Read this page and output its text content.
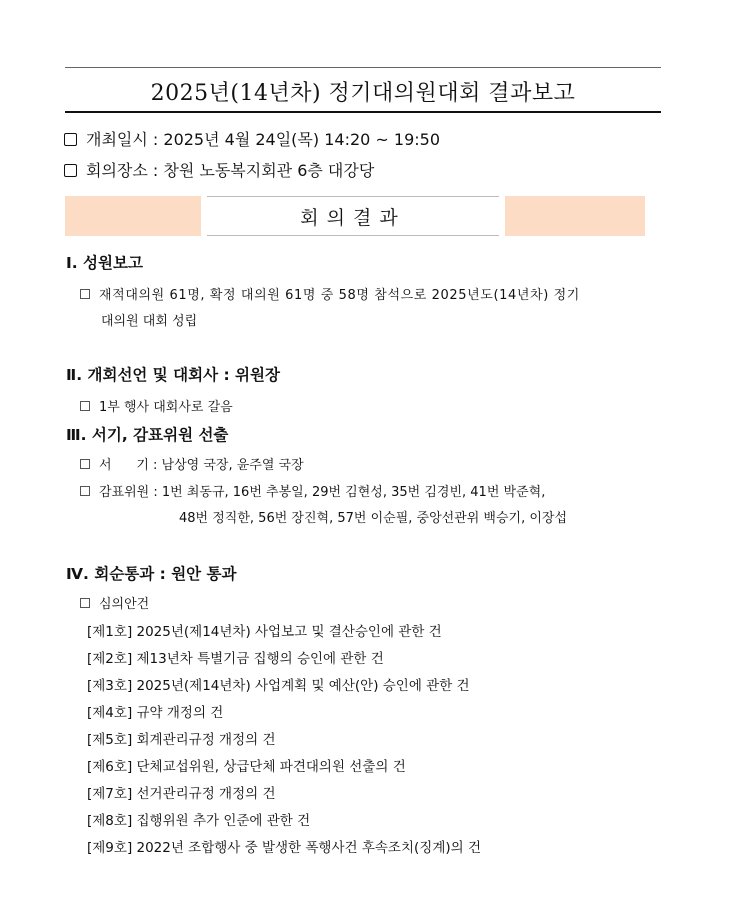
2025년(14년차) 정기대의원대회 결과보고
개최일시 : 2025년 4월 24일(목) 14:20 ~ 19:50
회의장소 : 창원 노동복지회관 6층 대강당
회의결과
Ⅰ. 성원보고
재적대의원 61명, 확정 대의원 61명 중 58명 참석으로 2025년도(14년차) 정기
대의원 대회 성립
Ⅱ. 개회선언 및 대회사 : 위원장
1부 행사 대회사로 갈음
Ⅲ. 서기, 감표위원 선출
서      기 : 남상영 국장, 윤주열 국장
감표위원 : 1번 최동규, 16번 추봉일, 29번 김현성, 35번 김경빈, 41번 박준혁,
48번 정직한, 56번 장진혁, 57번 이순필, 중앙선관위 백승기, 이장섭
Ⅳ. 회순통과 : 원안 통과
심의안건
[제1호] 2025년(제14년차) 사업보고 및 결산승인에 관한 건
[제2호] 제13년차 특별기금 집행의 승인에 관한 건
[제3호] 2025년(제14년차) 사업계획 및 예산(안) 승인에 관한 건
[제4호] 규약 개정의 건
[제5호] 회계관리규정 개정의 건
[제6호] 단체교섭위원, 상급단체 파견대의원 선출의 건
[제7호] 선거관리규정 개정의 건
[제8호] 집행위원 추가 인준에 관한 건
[제9호] 2022년 조합행사 중 발생한 폭행사건 후속조치(징계)의 건
